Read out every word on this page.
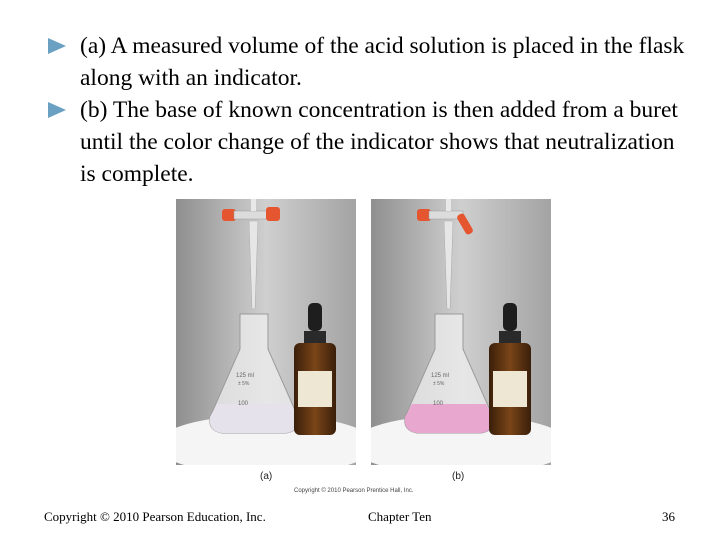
(a) A measured volume of the acid solution is placed in the flask along with an indicator.
(b) The base of known concentration is then added from a buret until the color change of the indicator shows that neutralization is complete.
125 ml
± 5%
100
125 ml
± 5%
100
(a)	(b)
Copyright © 2010 Pearson Prentice Hall, Inc.
Copyright © 2010 Pearson Education, Inc.	Chapter Ten	36
